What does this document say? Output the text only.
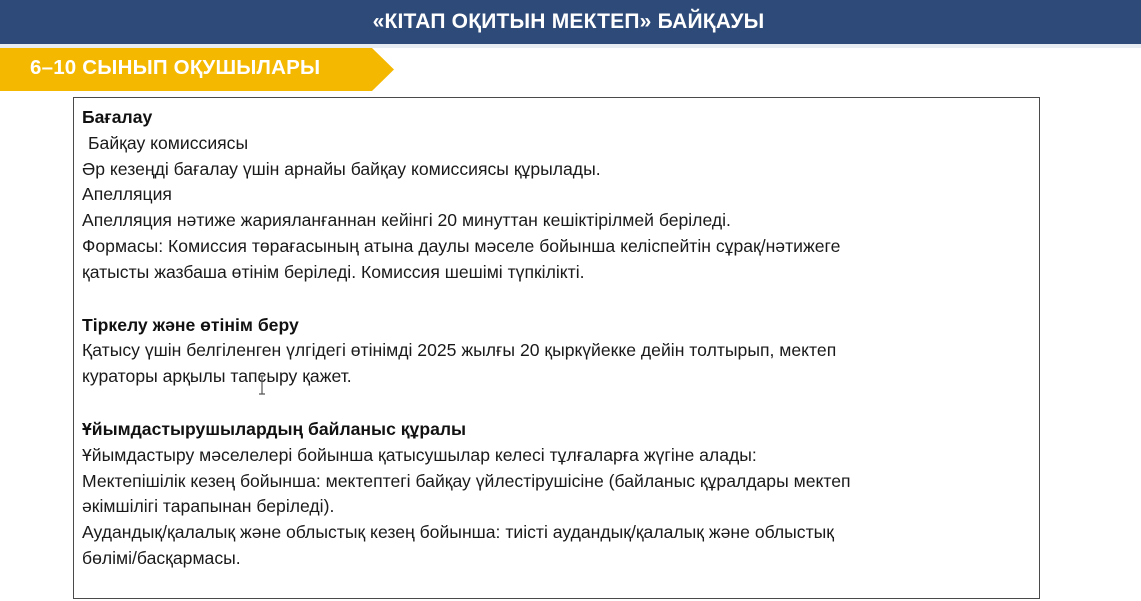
«КІТАП ОҚИТЫН МЕКТЕП» БАЙҚАУЫ
6–10 СЫНЫП ОҚУШЫЛАРЫ

Бағалау

Байқау комиссиясы

Әр кезеңді бағалау үшін арнайы байқау комиссиясы құрылады.

Апелляция

Апелляция нәтиже жарияланғаннан кейінгі 20 минуттан кешіктірілмей беріледі.

Формасы: Комиссия төрағасының атына даулы мәселе бойынша келіспейтін сұрақ/нәтижеге

қатысты жазбаша өтінім беріледі. Комиссия шешімі түпкілікті.

Тіркелу және өтінім беру

Қатысу үшін белгіленген үлгідегі өтінімді 2025 жылғы 20 қыркүйекке дейін толтырып, мектеп

кураторы арқылы тапсыру қажет.

Ұйымдастырушылардың байланыс құралы

Ұйымдастыру мәселелері бойынша қатысушылар келесі тұлғаларға жүгіне алады:

Мектепішілік кезең бойынша: мектептегі байқау үйлестірушісіне (байланыс құралдары мектеп

әкімшілігі тарапынан беріледі).

Аудандық/қалалық және облыстық кезең бойынша: тиісті аудандық/қалалық және облыстық

бөлімі/басқармасы.
